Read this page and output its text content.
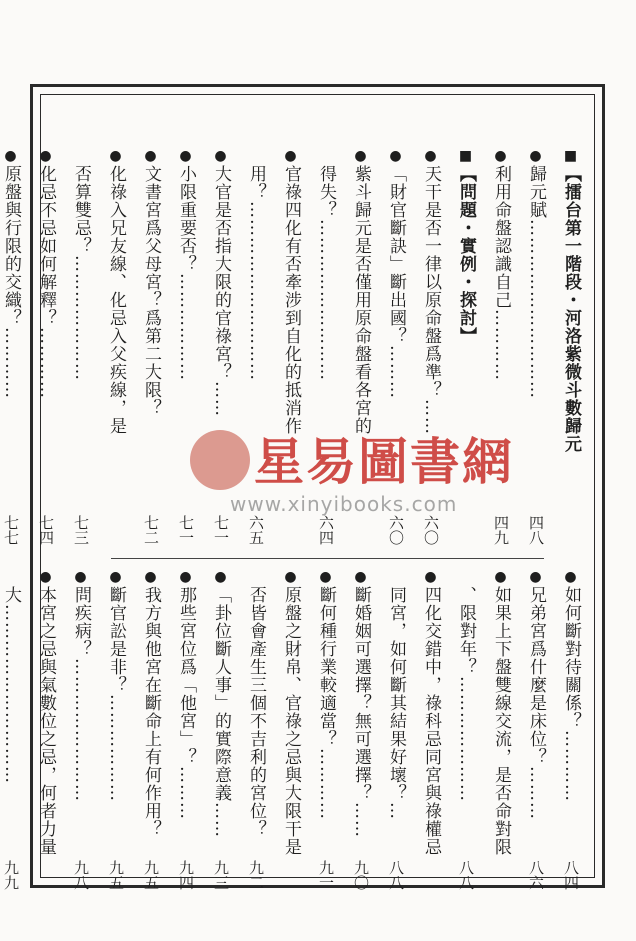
■
【擂台第一階段・河洛紫微斗數歸元
●
歸元賦…………………………
四八
●
利用命盤認識自己…………
四九
■
【問題・實例・探討】
●
天干是否一律以原命盤爲準？……
六〇
●
「財官斷訣」斷出國？………
六〇
●
紫斗歸元是否僅用原命盤看各宮的
得失？………………………
六四
●
官祿四化有否牽涉到自化的抵消作
用？…………………………
六五
●
大官是否指大限的官祿宮？……
七一
●
小限重要否？………………
七一
●
文書宮爲父母宮？爲第二大限？
七二
●
化祿入兄友線、化忌入父疾線，是
否算雙忌？…………………
七三
●
化忌不忌如何解釋？…………
七四
●
原盤與行限的交織？…………
七七
●
如何斷對待關係？…………
八四
●
兄弟宮爲什麼是床位？………
八六
●
如果上下盤雙線交流，是否命對限
、限對年？…………………
八八
●
四化交錯中，祿科忌同宮與祿權忌
同宮，如何斷其結果好壞？…
八八
●
斷婚姻可選擇？無可選擇？……
九〇
●
斷何種行業較適當？…………
九一
●
原盤之財帛、官祿之忌與大限干是
否皆會產生三個不吉利的宮位？
九二
●
「卦位斷人事」的實際意義……
九三
●
那些宮位爲「他宮」？………
九四
●
我方與他宮在斷命上有何作用？
九五
●
斷官訟是非？………………
九五
●
問疾病？……………………
九八
●
本宮之忌與氣數位之忌，何者力量
大…………………………
九九
星易圖書網
www.xinyibooks.com
